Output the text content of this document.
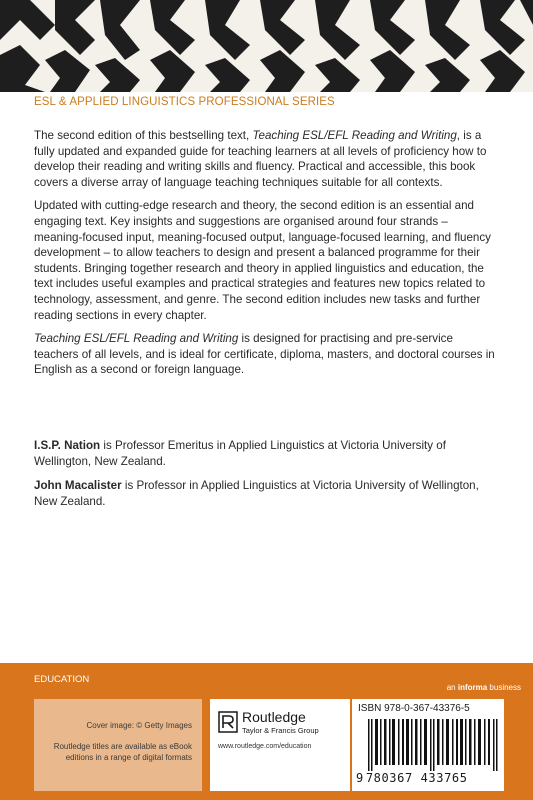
ESL & APPLIED LINGUISTICS PROFESSIONAL SERIES

The second edition of this bestselling text, Teaching ESL/EFL Reading and Writing, is a fully updated and expanded guide for teaching learners at all levels of proficiency how to develop their reading and writing skills and fluency. Practical and accessible, this book covers a diverse array of language teaching techniques suitable for all contexts.

Updated with cutting-edge research and theory, the second edition is an essential and engaging text. Key insights and suggestions are organised around four strands – meaning-focused input, meaning-focused output, language-focused learning, and fluency development – to allow teachers to design and present a balanced programme for their students. Bringing together research and theory in applied linguistics and education, the text includes useful examples and practical strategies and features new topics related to technology, assessment, and genre. The second edition includes new tasks and further reading sections in every chapter.

Teaching ESL/EFL Reading and Writing is designed for practising and pre-service teachers of all levels, and is ideal for certificate, diploma, masters, and doctoral courses in English as a second or foreign language.

I.S.P. Nation is Professor Emeritus in Applied Linguistics at Victoria University of Wellington, New Zealand.

John Macalister is Professor in Applied Linguistics at Victoria University of Wellington, New Zealand.

EDUCATION
an informa business
Cover image: © Getty Images
Routledge titles are available as eBook editions in a range of digital formats
Routledge
Taylor & Francis Group
www.routledge.com/education
ISBN 978-0-367-43376-5
9 780367 433765
